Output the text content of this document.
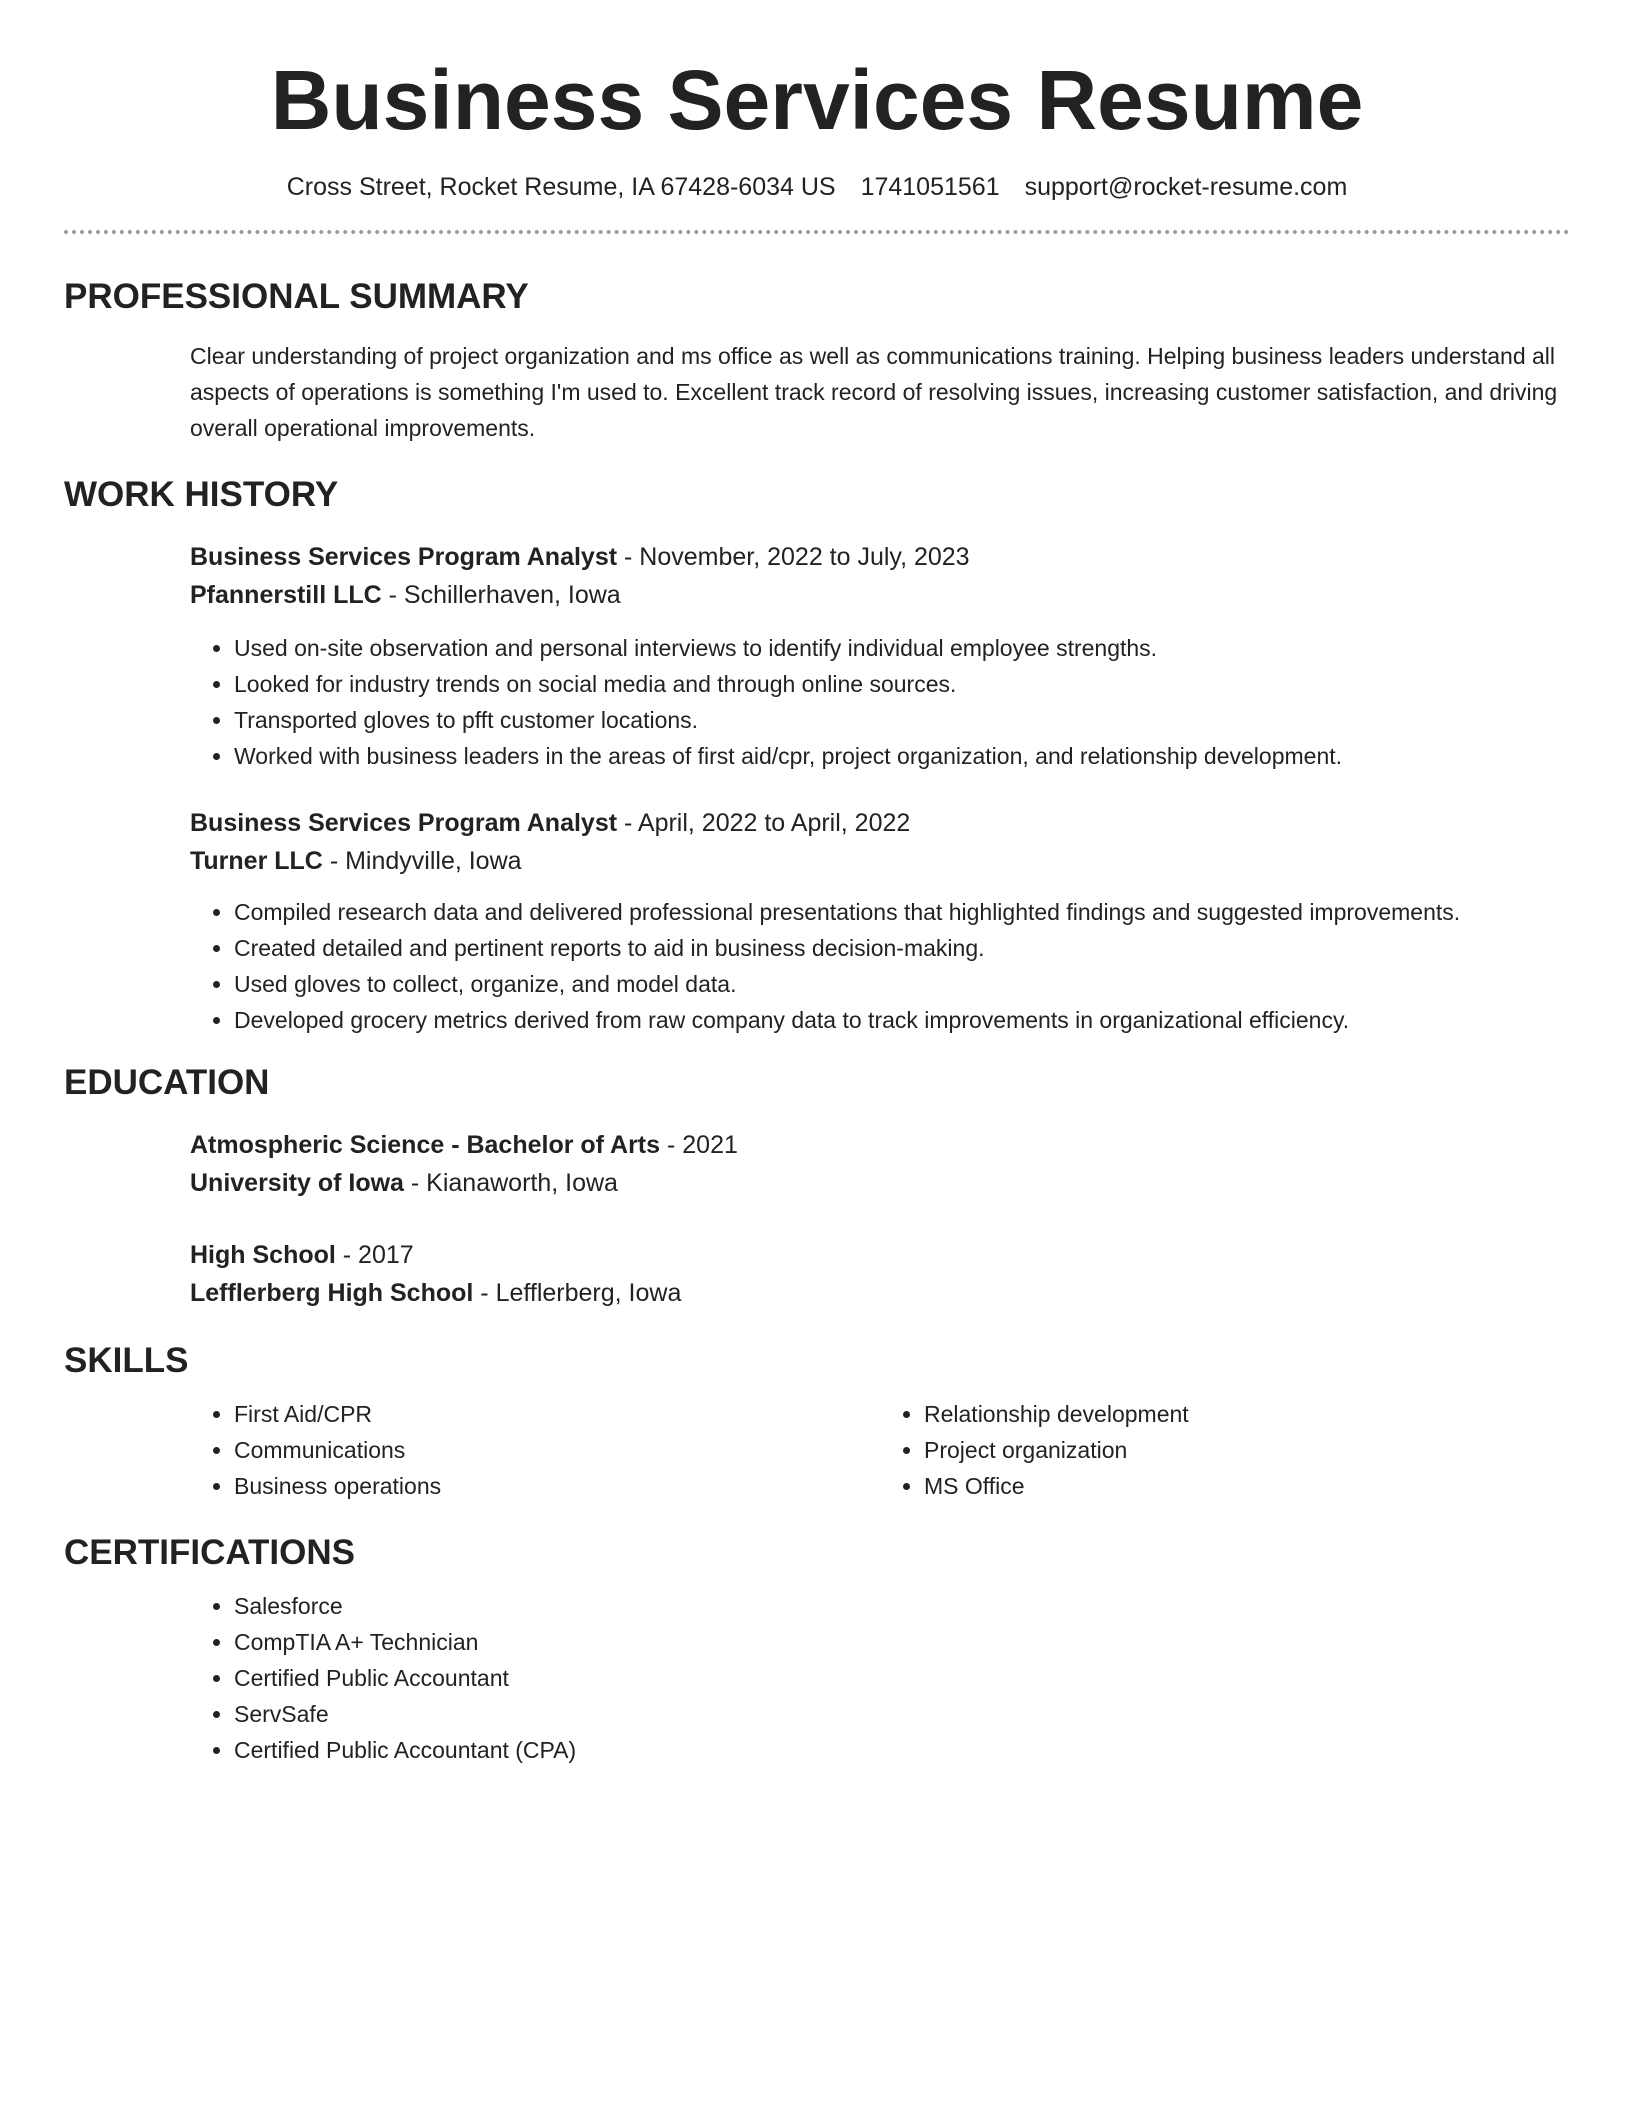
Business Services Resume
Cross Street, Rocket Resume, IA 67428-6034 US 1741051561 support@rocket-resume.com
PROFESSIONAL SUMMARY

Clear understanding of project organization and ms office as well as communications training. Helping business leaders understand all aspects of operations is something I'm used to. Excellent track record of resolving issues, increasing customer satisfaction, and driving overall operational improvements.

WORK HISTORY
Business Services Program Analyst - November, 2022 to July, 2023
Pfannerstill LLC - Schillerhaven, Iowa
• Used on-site observation and personal interviews to identify individual employee strengths.
• Looked for industry trends on social media and through online sources.
• Transported gloves to pfft customer locations.
• Worked with business leaders in the areas of first aid/cpr, project organization, and relationship development.
Business Services Program Analyst - April, 2022 to April, 2022
Turner LLC - Mindyville, Iowa
• Compiled research data and delivered professional presentations that highlighted findings and suggested improvements.
• Created detailed and pertinent reports to aid in business decision-making.
• Used gloves to collect, organize, and model data.
• Developed grocery metrics derived from raw company data to track improvements in organizational efficiency.
EDUCATION
Atmospheric Science - Bachelor of Arts - 2021
University of Iowa - Kianaworth, Iowa
High School - 2017
Lefflerberg High School - Lefflerberg, Iowa
SKILLS
• First Aid/CPR
• Communications
• Business operations
• Relationship development
• Project organization
• MS Office
CERTIFICATIONS
• Salesforce
• CompTIA A+ Technician
• Certified Public Accountant
• ServSafe
• Certified Public Accountant (CPA)
